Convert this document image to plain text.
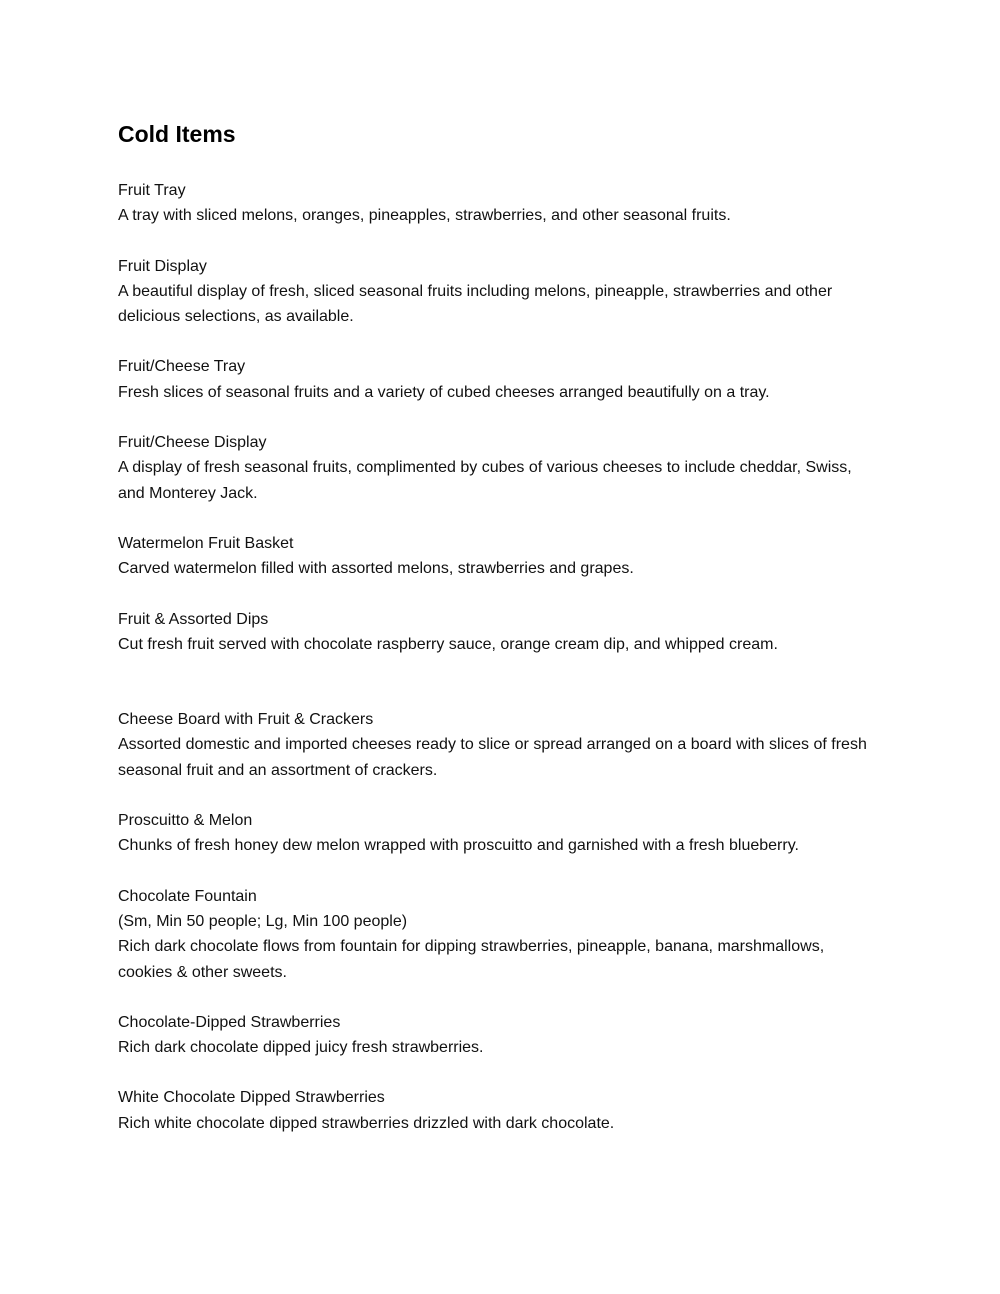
Cold Items

Fruit Tray

A tray with sliced melons, oranges, pineapples, strawberries, and other seasonal fruits.

Fruit Display

A beautiful display of fresh, sliced seasonal fruits including melons, pineapple, strawberries and other delicious selections, as available.

Fruit/Cheese Tray

Fresh slices of seasonal fruits and a variety of cubed cheeses arranged beautifully on a tray.

Fruit/Cheese Display

A display of fresh seasonal fruits, complimented by cubes of various cheeses to include cheddar, Swiss, and Monterey Jack.

Watermelon Fruit Basket

Carved watermelon filled with assorted melons, strawberries and grapes.

Fruit & Assorted Dips

Cut fresh fruit served with chocolate raspberry sauce, orange cream dip, and whipped cream.

Cheese Board with Fruit & Crackers

Assorted domestic and imported cheeses ready to slice or spread arranged on a board with slices of fresh seasonal fruit and an assortment of crackers.

Proscuitto & Melon

Chunks of fresh honey dew melon wrapped with proscuitto and garnished with a fresh blueberry.

Chocolate Fountain

(Sm, Min 50 people; Lg, Min 100 people)

Rich dark chocolate flows from fountain for dipping strawberries, pineapple, banana, marshmallows, cookies & other sweets.

Chocolate-Dipped Strawberries

Rich dark chocolate dipped juicy fresh strawberries.

White Chocolate Dipped Strawberries

Rich white chocolate dipped strawberries drizzled with dark chocolate.
